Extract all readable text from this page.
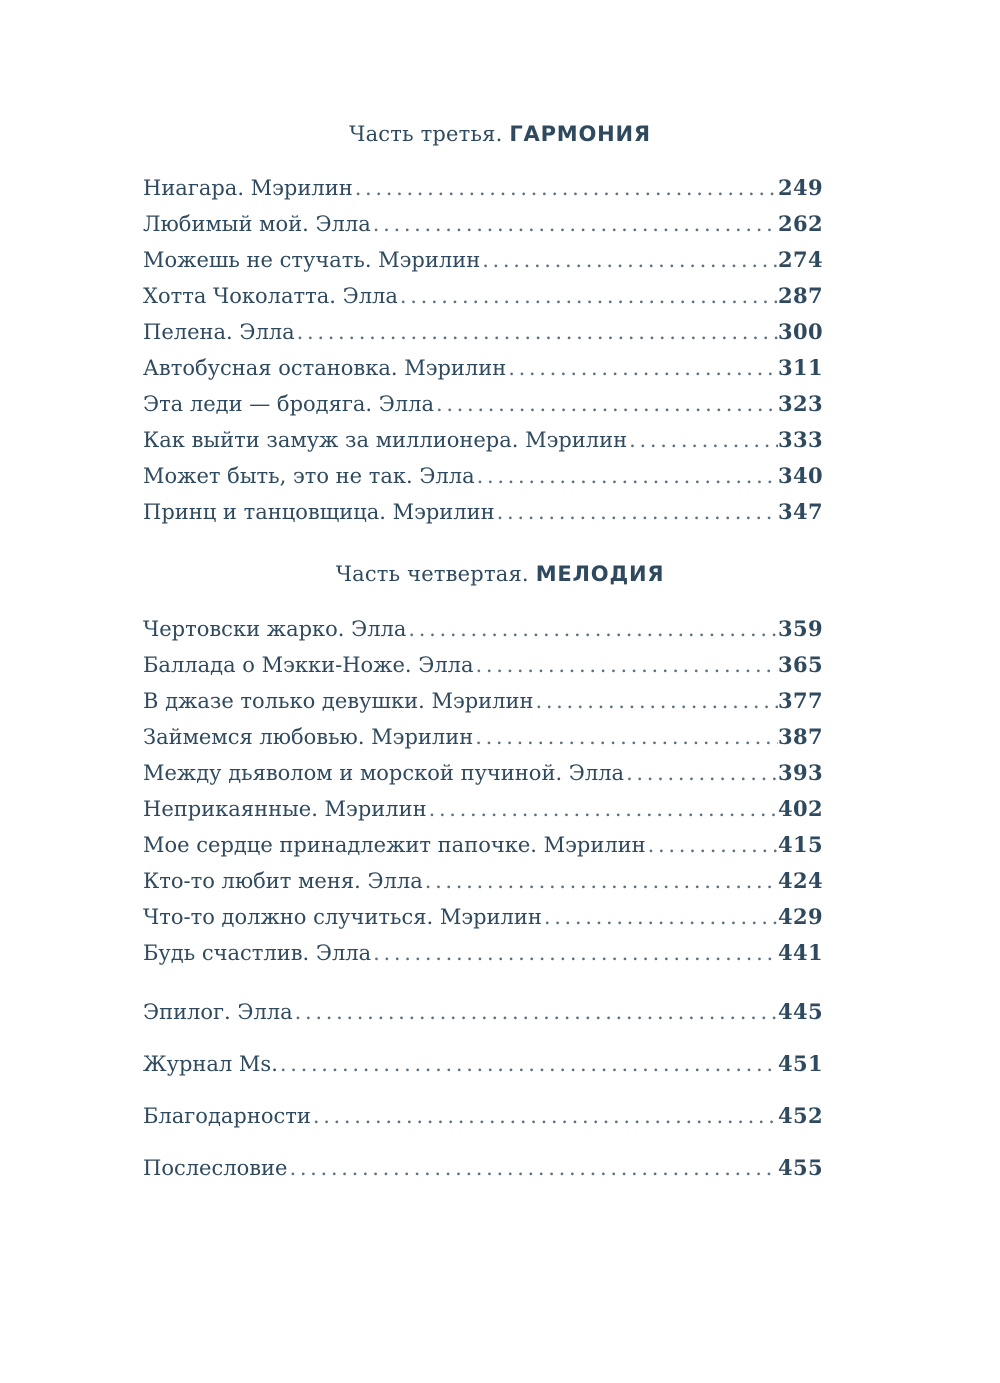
Часть третья. ГАРМОНИЯ
Ниагара. Мэрилин . . .	249
Любимый мой. Элла . . .	262
Можешь не стучать. Мэрилин . . .	274
Хотта Чоколатта. Элла . . .	287
Пелена. Элла . . .	300
Автобусная остановка. Мэрилин . . .	311
Эта леди — бродяга. Элла . . .	323
Как выйти замуж за миллионера. Мэрилин . . .	333
Может быть, это не так. Элла . . .	340
Принц и танцовщица. Мэрилин . . .	347
Часть четвертая. МЕЛОДИЯ
Чертовски жарко. Элла . . .	359
Баллада о Мэкки-Ноже. Элла . . .	365
В джазе только девушки. Мэрилин . . .	377
Займемся любовью. Мэрилин . . .	387
Между дьяволом и морской пучиной. Элла . . .	393
Неприкаянные. Мэрилин . . .	402
Мое сердце принадлежит папочке. Мэрилин . . .	415
Кто-то любит меня. Элла . . .	424
Что-то должно случиться. Мэрилин . . .	429
Будь счастлив. Элла . . .	441
Эпилог. Элла . . .	445
Журнал Ms. . . .	451
Благодарности . . .	452
Послесловие . . .	455
